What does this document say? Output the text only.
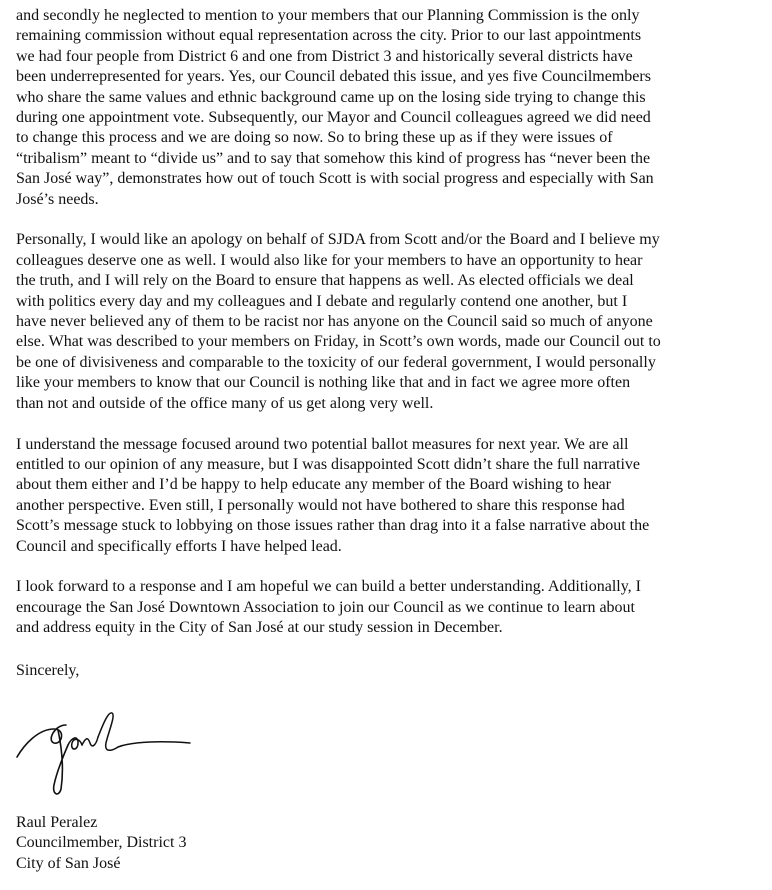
and secondly he neglected to mention to your members that our Planning Commission is the only
remaining commission without equal representation across the city. Prior to our last appointments
we had four people from District 6 and one from District 3 and historically several districts have
been underrepresented for years. Yes, our Council debated this issue, and yes five Councilmembers
who share the same values and ethnic background came up on the losing side trying to change this
during one appointment vote. Subsequently, our Mayor and Council colleagues agreed we did need
to change this process and we are doing so now. So to bring these up as if they were issues of
“tribalism” meant to “divide us” and to say that somehow this kind of progress has “never been the
San José way”, demonstrates how out of touch Scott is with social progress and especially with San
José’s needs.

Personally, I would like an apology on behalf of SJDA from Scott and/or the Board and I believe my
colleagues deserve one as well. I would also like for your members to have an opportunity to hear
the truth, and I will rely on the Board to ensure that happens as well. As elected officials we deal
with politics every day and my colleagues and I debate and regularly contend one another, but I
have never believed any of them to be racist nor has anyone on the Council said so much of anyone
else. What was described to your members on Friday, in Scott’s own words, made our Council out to
be one of divisiveness and comparable to the toxicity of our federal government, I would personally
like your members to know that our Council is nothing like that and in fact we agree more often
than not and outside of the office many of us get along very well.

I understand the message focused around two potential ballot measures for next year. We are all
entitled to our opinion of any measure, but I was disappointed Scott didn’t share the full narrative
about them either and I’d be happy to help educate any member of the Board wishing to hear
another perspective. Even still, I personally would not have bothered to share this response had
Scott’s message stuck to lobbying on those issues rather than drag into it a false narrative about the
Council and specifically efforts I have helped lead.

I look forward to a response and I am hopeful we can build a better understanding. Additionally, I
encourage the San José Downtown Association to join our Council as we continue to learn about
and address equity in the City of San José at our study session in December.

Sincerely,
Raul Peralez
Councilmember, District 3
City of San José
